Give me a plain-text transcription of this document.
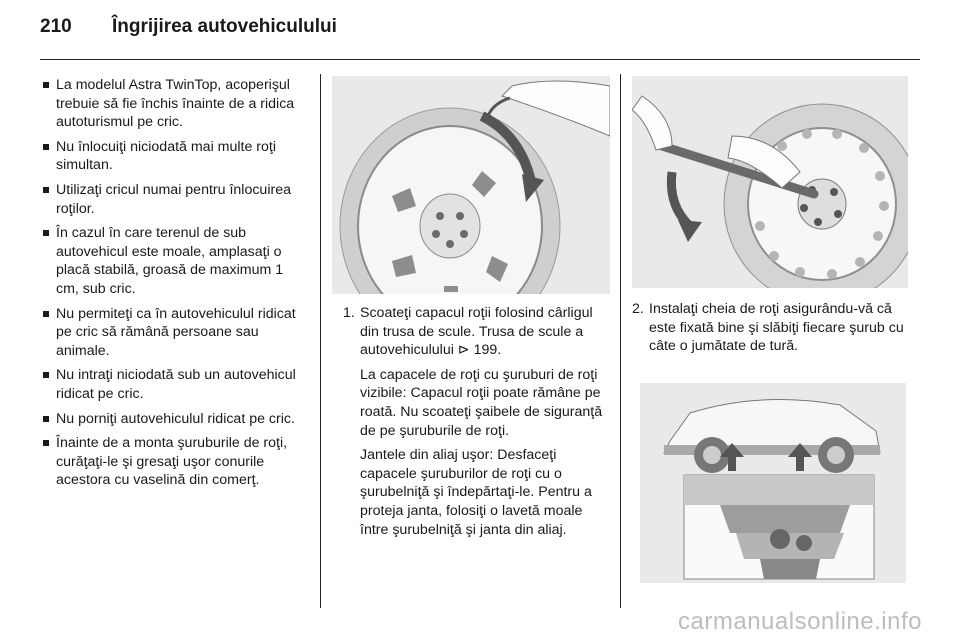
210	Îngrijirea autovehiculului
La modelul Astra TwinTop, acoperişul trebuie să fie închis înainte de a ridica autoturismul pe cric.
Nu înlocuiţi niciodată mai multe roţi simultan.
Utilizaţi cricul numai pentru înlocuirea roţilor.
În cazul în care terenul de sub autovehicul este moale, amplasaţi o placă stabilă, groasă de maximum 1 cm, sub cric.
Nu permiteţi ca în autovehiculul ridicat pe cric să rămână persoane sau animale.
Nu intraţi niciodată sub un autovehicul ridicat pe cric.
Nu porniţi autovehiculul ridicat pe cric.
Înainte de a monta şuruburile de roţi, curăţaţi-le şi gresaţi uşor conurile acestora cu vaselină din comerţ.
1. Scoateţi capacul roţii folosind cârligul din trusa de scule. Trusa de scule a autovehiculului ⊳ 199.

La capacele de roţi cu şuruburi de roţi vizibile: Capacul roţii poate rămâne pe roată. Nu scoateţi şaibele de siguranţă de pe şuruburile de roţi.

Jantele din aliaj uşor: Desfaceţi capacele şuruburilor de roţi cu o şurubelniţă şi îndepărtaţi-le. Pentru a proteja janta, folosiţi o lavetă moale între şurubelniţă şi janta din aliaj.

2. Instalaţi cheia de roţi asigurându-vă că este fixată bine şi slăbiţi fiecare şurub cu câte o jumătate de tură.

carmanualsonline.info
